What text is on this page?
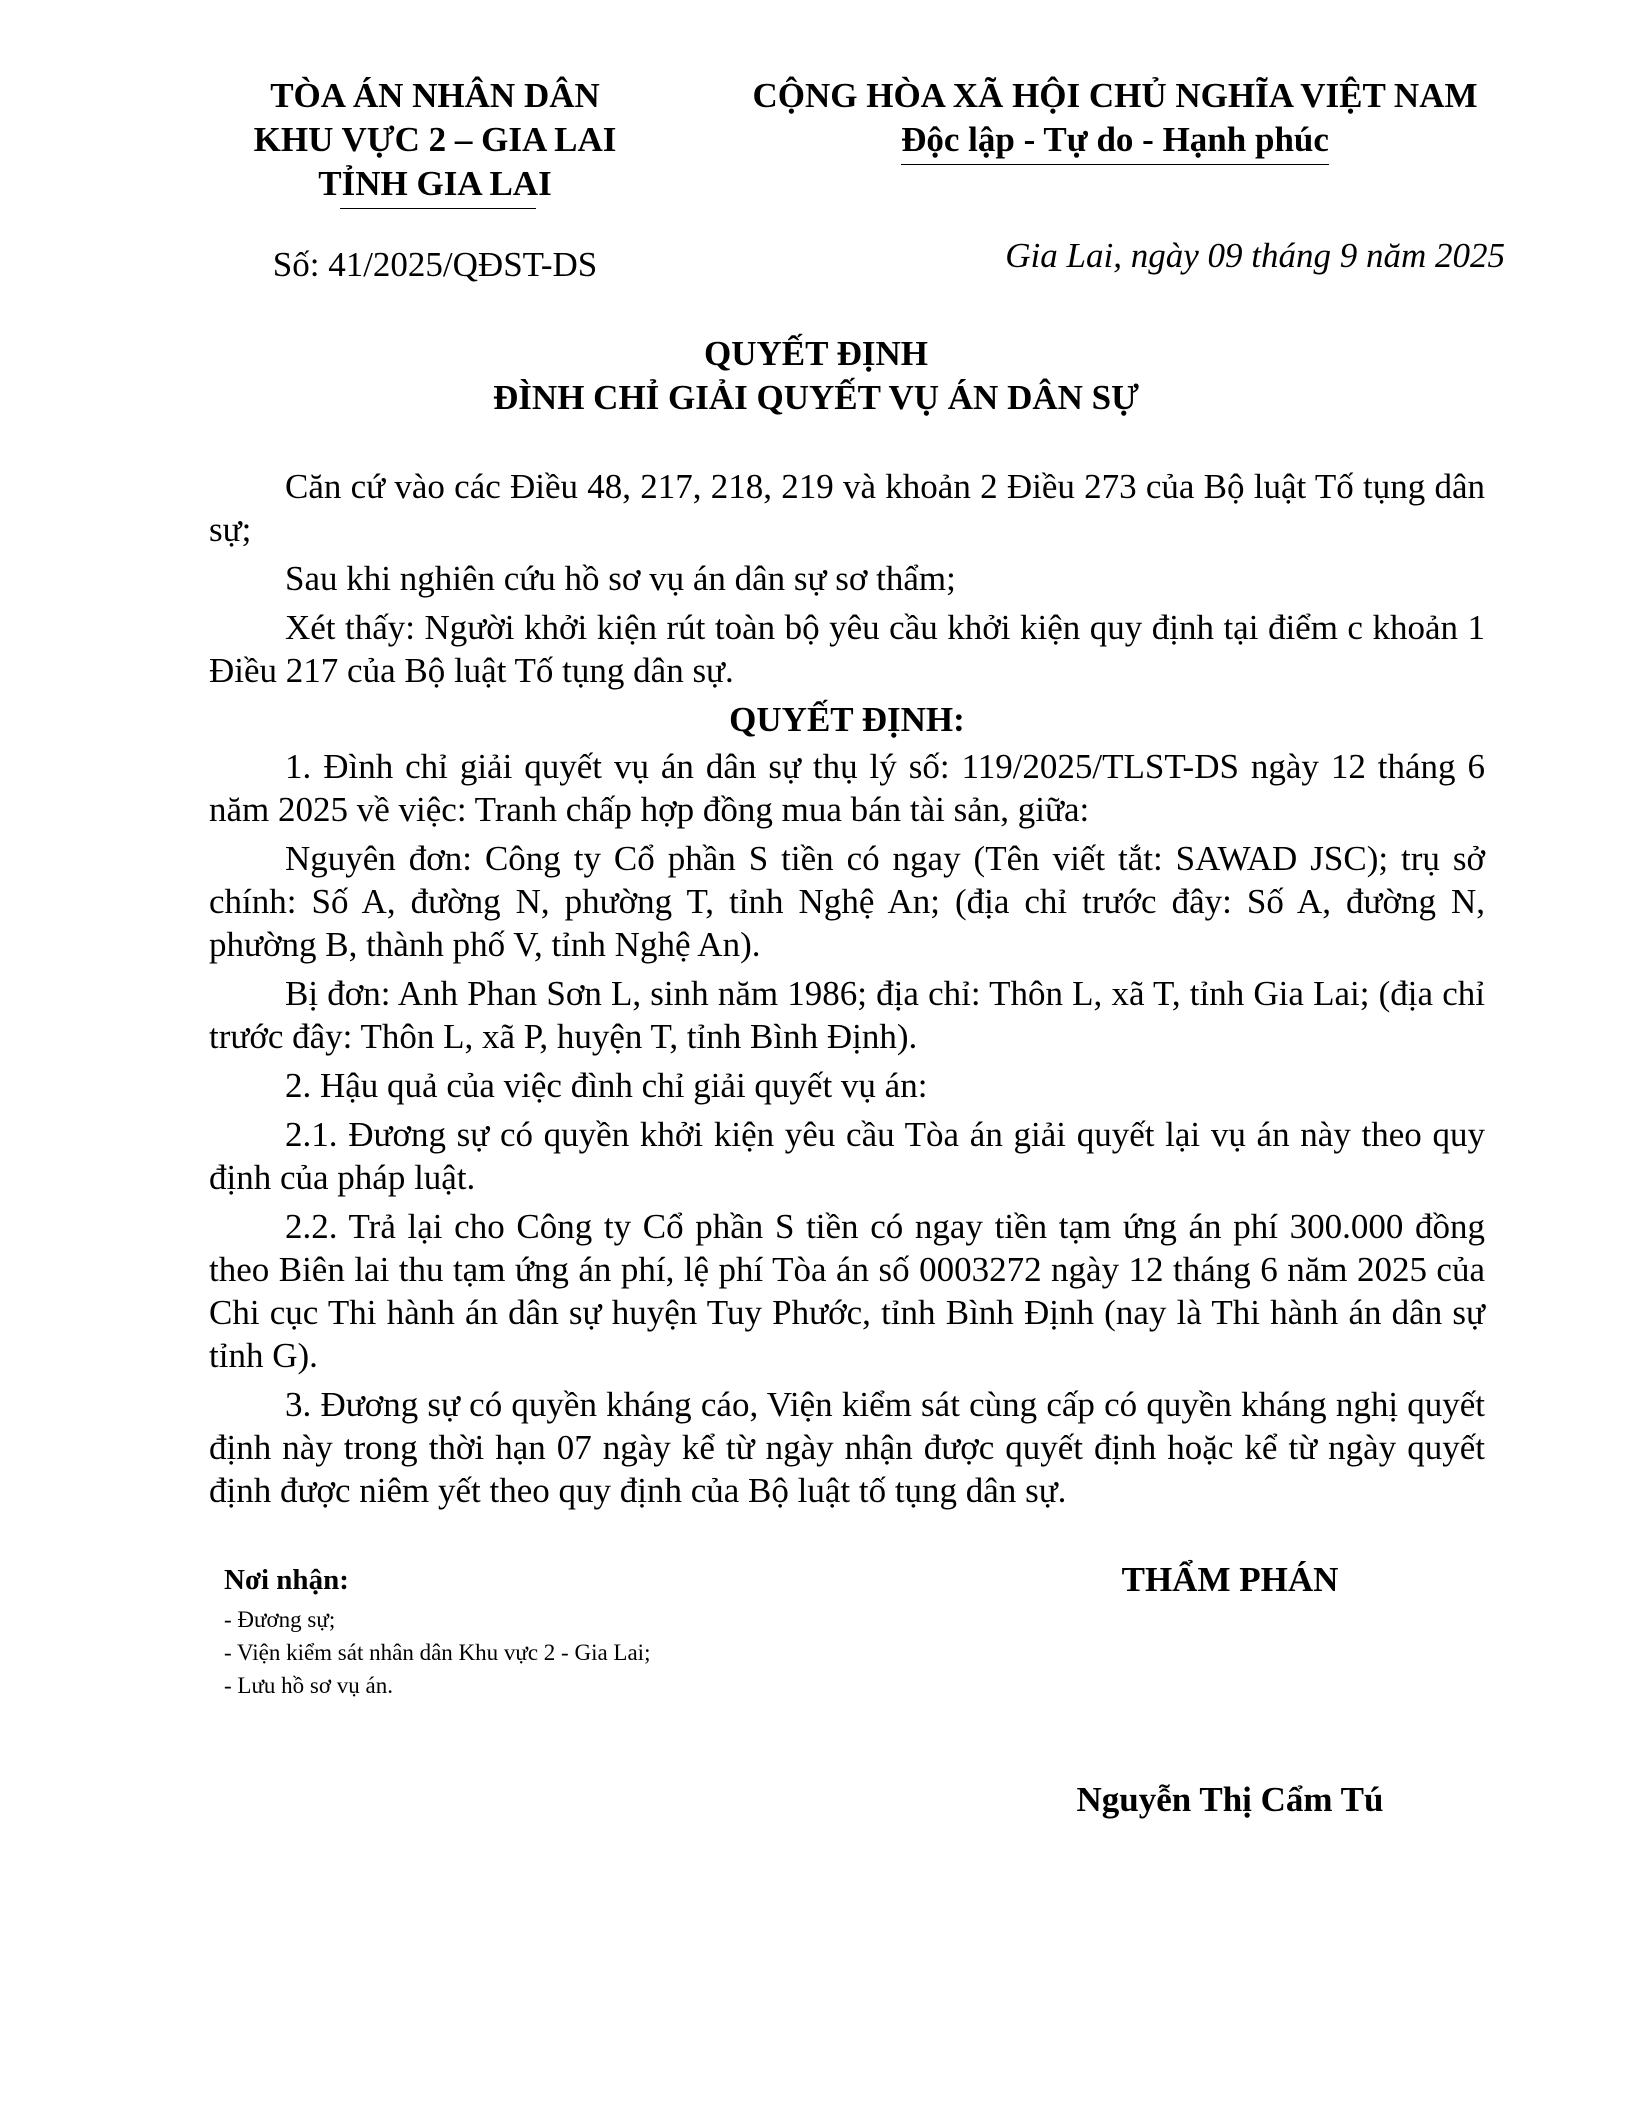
TÒA ÁN NHÂN DÂN
KHU VỰC 2 – GIA LAI
TỈNH GIA LAI
Số: 41/2025/QĐST-DS
CỘNG HÒA XÃ HỘI CHỦ NGHĨA VIỆT NAM
Độc lập - Tự do - Hạnh phúc
Gia Lai, ngày 09 tháng 9 năm 2025
QUYẾT ĐỊNH
ĐÌNH CHỈ GIẢI QUYẾT VỤ ÁN DÂN SỰ

Căn cứ vào các Điều 48, 217, 218, 219 và khoản 2 Điều 273 của Bộ luật Tố tụng dân sự;

Sau khi nghiên cứu hồ sơ vụ án dân sự sơ thẩm;

Xét thấy: Người khởi kiện rút toàn bộ yêu cầu khởi kiện quy định tại điểm c khoản 1 Điều 217 của Bộ luật Tố tụng dân sự.

QUYẾT ĐỊNH:

1. Đình chỉ giải quyết vụ án dân sự thụ lý số: 119/2025/TLST-DS ngày 12 tháng 6 năm 2025 về việc: Tranh chấp hợp đồng mua bán tài sản, giữa:

Nguyên đơn: Công ty Cổ phần S tiền có ngay (Tên viết tắt: SAWAD JSC); trụ sở chính: Số A, đường N, phường T, tỉnh Nghệ An; (địa chỉ trước đây: Số A, đường N, phường B, thành phố V, tỉnh Nghệ An).

Bị đơn: Anh Phan Sơn L, sinh năm 1986; địa chỉ: Thôn L, xã T, tỉnh Gia Lai; (địa chỉ trước đây: Thôn L, xã P, huyện T, tỉnh Bình Định).

2. Hậu quả của việc đình chỉ giải quyết vụ án:

2.1. Đương sự có quyền khởi kiện yêu cầu Tòa án giải quyết lại vụ án này theo quy định của pháp luật.

2.2. Trả lại cho Công ty Cổ phần S tiền có ngay tiền tạm ứng án phí 300.000 đồng theo Biên lai thu tạm ứng án phí, lệ phí Tòa án số 0003272 ngày 12 tháng 6 năm 2025 của Chi cục Thi hành án dân sự huyện Tuy Phước, tỉnh Bình Định (nay là Thi hành án dân sự tỉnh G).

3. Đương sự có quyền kháng cáo, Viện kiểm sát cùng cấp có quyền kháng nghị quyết định này trong thời hạn 07 ngày kể từ ngày nhận được quyết định hoặc kể từ ngày quyết định được niêm yết theo quy định của Bộ luật tố tụng dân sự.

Nơi nhận:

- Đương sự;

- Viện kiểm sát nhân dân Khu vực 2 - Gia Lai;

- Lưu hồ sơ vụ án.

THẨM PHÁN
Nguyễn Thị Cẩm Tú
